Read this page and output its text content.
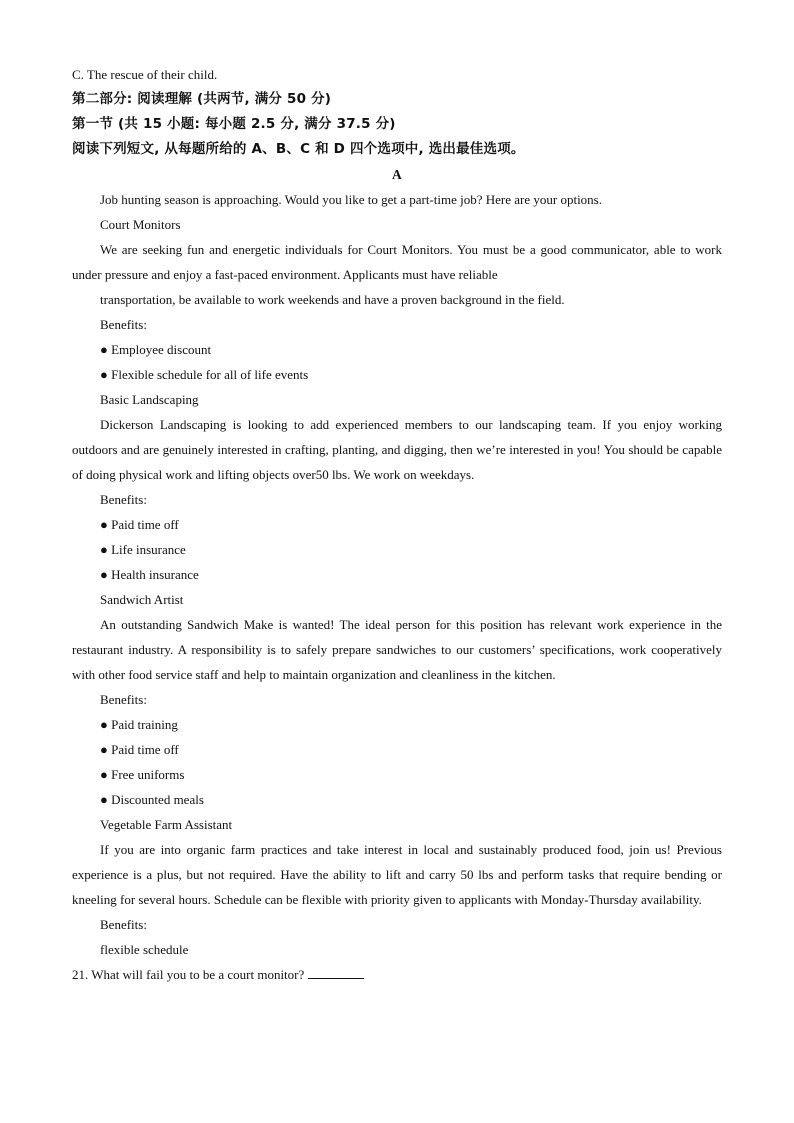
C. The rescue of their child.
第二部分: 阅读理解 (共两节, 满分 50 分)
第一节 (共 15 小题: 每小题 2.5 分, 满分 37.5 分)
阅读下列短文, 从每题所给的 A、B、C 和 D 四个选项中, 选出最佳选项。
A
Job hunting season is approaching. Would you like to get a part-time job? Here are your options.
Court Monitors
We are seeking fun and energetic individuals for Court Monitors. You must be a good communicator, able to work under pressure and enjoy a fast-paced environment. Applicants must have reliable
transportation, be available to work weekends and have a proven background in the field.
Benefits:
● Employee discount
● Flexible schedule for all of life events
Basic Landscaping
Dickerson Landscaping is looking to add experienced members to our landscaping team. If you enjoy working outdoors and are genuinely interested in crafting, planting, and digging, then we’re interested in you! You should be capable of doing physical work and lifting objects over50 lbs. We work on weekdays.
Benefits:
● Paid time off
● Life insurance
● Health insurance
Sandwich Artist
An outstanding Sandwich Make is wanted! The ideal person for this position has relevant work experience in the restaurant industry. A responsibility is to safely prepare sandwiches to our customers’ specifications, work cooperatively with other food service staff and help to maintain organization and cleanliness in the kitchen.
Benefits:
● Paid training
● Paid time off
● Free uniforms
● Discounted meals
Vegetable Farm Assistant
If you are into organic farm practices and take interest in local and sustainably produced food, join us! Previous experience is a plus, but not required. Have the ability to lift and carry 50 lbs and perform tasks that require bending or kneeling for several hours. Schedule can be flexible with priority given to applicants with Monday-Thursday availability.
Benefits:
flexible schedule
21. What will fail you to be a court monitor?
